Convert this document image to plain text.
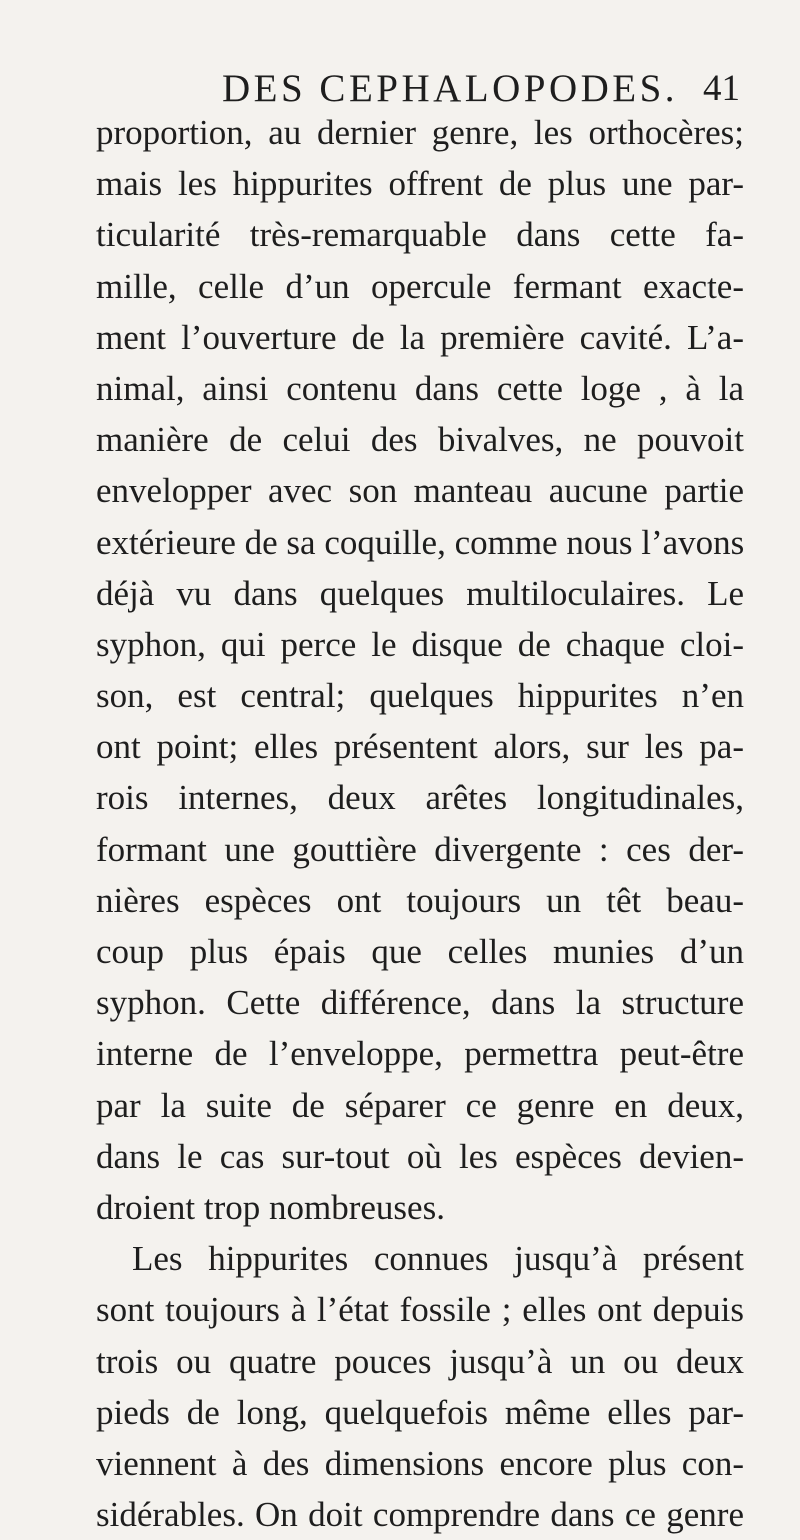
DES CEPHALOPODES. 41
proportion, au dernier genre, les orthocères;
mais les hippurites offrent de plus une par-
ticularité très-remarquable dans cette fa-
mille, celle d’un opercule fermant exacte-
ment l’ouverture de la première cavité. L’a-
nimal, ainsi contenu dans cette loge , à la
manière de celui des bivalves, ne pouvoit
envelopper avec son manteau aucune partie
extérieure de sa coquille, comme nous l’avons
déjà vu dans quelques multiloculaires. Le
syphon, qui perce le disque de chaque cloi-
son, est central; quelques hippurites n’en
ont point; elles présentent alors, sur les pa-
rois internes, deux arêtes longitudinales,
formant une gouttière divergente : ces der-
nières espèces ont toujours un têt beau-
coup plus épais que celles munies d’un
syphon. Cette différence, dans la structure
interne de l’enveloppe, permettra peut-être
par la suite de séparer ce genre en deux,
dans le cas sur-tout où les espèces devien-
droient trop nombreuses.
Les hippurites connues jusqu’à présent
sont toujours à l’état fossile ; elles ont depuis
trois ou quatre pouces jusqu’à un ou deux
pieds de long, quelquefois même elles par-
viennent à des dimensions encore plus con-
sidérables. On doit comprendre dans ce genre
